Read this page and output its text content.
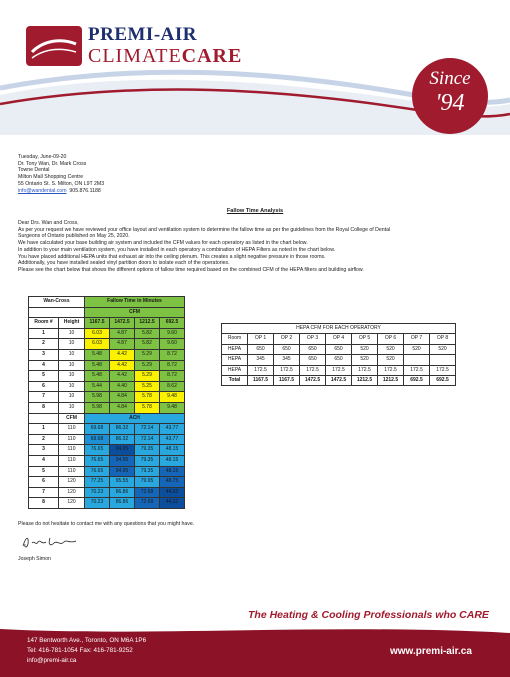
PREMI-AIR
CLIMATECARE
Since
'94
Tuesday, June-09-20
Dr. Tony Wan, Dr. Mark Cross
Towne Dental
Milton Mall Shopping Centre
55 Ontario St. S. Milton, ON L9T 2M3
info@wandental.com 905.876.1188
Fallow Time Analysis
Dear Drs. Wan and Cross,
As per your request we have reviewed your office layout and ventilation system to determine the fallow time as per the guidelines from the Royal College of Dental
Surgeons of Ontario published on May 25, 2020.
We have calculated your base building air system and included the CFM values for each operatory as listed in the chart below.
In addition to your main ventilation system, you have installed in each operatory a combination of HEPA Filters as noted in the chart below.
You have placed additional HEPA units that exhaust air into the ceiling plenum. This creates a slight negative pressure in those rooms.
Additionally, you have installed sealed vinyl partition doors to isolate each of the operatories.
Please see the chart below that shows the different options of fallow time required based on the combined CFM of the HEPA filters and building airflow.
Wan-Cross		Fallow Time in Minutes			
		CFM			
Room #	Height	1167.5	1472.5	1212.5	692.5
1	10	6.03	4.87	5.82	9.60
2	10	6.03	4.87	5.82	9.60
3	10	5.48	4.42	5.29	8.72
4	10	5.48	4.42	5.29	8.72
5	10	5.48	4.42	5.29	8.72
6	10	5.44	4.40	5.25	8.62
7	10	5.98	4.84	5.78	9.48
8	10	5.98	4.84	5.78	9.48
	CFM	ACH			
1	110	69.68	86.32	72.14	43.77
2	110	69.68	86.32	72.14	43.77
3	110	76.65	94.95	79.35	48.15
4	110	76.65	94.95	79.35	48.15
5	110	76.65	94.95	79.35	48.15
6	120	77.25	95.55	79.95	48.75
7	120	70.23	86.86	72.68	44.32
8	120	70.23	86.86	72.68	44.32
HEPA CFM FOR EACH OPERATORY								
Room	OP 1	OP 2	OP 3	OP 4	OP 5	OP 6	OP 7	OP 8
HEPA	650	650	650	650	520	520	520	520
HEPA	345	345	650	650	520	520		
HEPA	172.5	172.5	172.5	172.5	172.5	172.5	172.5	172.5
Total	1167.5	1167.5	1472.5	1472.5	1212.5	1212.5	692.5	692.5
Please do not hesitate to contact me with any questions that you might have.
Joseph Simon
The Heating & Cooling Professionals who CARE
147 Bentworth Ave., Toronto, ON M6A 1P6
Tel: 416-781-1054 Fax: 416-781-9252
info@premi-air.ca
www.premi-air.ca
